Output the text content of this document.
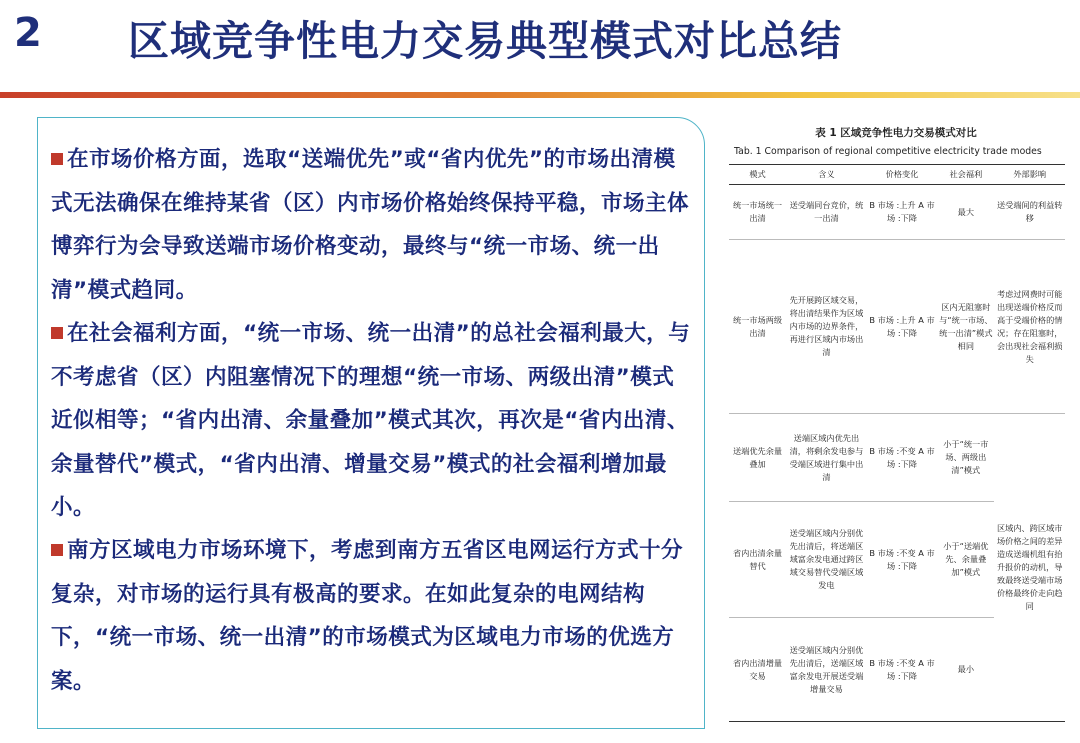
2 区域竞争性电力交易典型模式对比总结
在市场价格方面，选取“送端优先”或“省内优先”的市场出清模式无法确保在维持某省（区）内市场价格始终保持平稳，市场主体博弈行为会导致送端市场价格变动，最终与“统一市场、统一出清”模式趋同。
在社会福利方面，“统一市场、统一出清”的总社会福利最大，与不考虑省（区）内阻塞情况下的理想“统一市场、两级出清”模式近似相等；“省内出清、余量叠加”模式其次，再次是“省内出清、余量替代”模式，“省内出清、增量交易”模式的社会福利增加最小。
南方区域电力市场环境下，考虑到南方五省区电网运行方式十分复杂，对市场的运行具有极高的要求。在如此复杂的电网结构下，“统一市场、统一出清”的市场模式为区域电力市场的优选方案。
表 1 区域竞争性电力交易模式对比
Tab. 1 Comparison of regional competitive electricity trade modes
模式	含义	价格变化	社会福利	外部影响
统一市场统一出清	送受端同台竞价，统一出清	B 市场 :上升 A 市场 :下降	最大	送受端间的利益转移
统一市场两级出清	先开展跨区域交易，将出清结果作为区域内市场的边界条件，再进行区域内市场出清	B 市场 :上升 A 市场 :下降	区内无阻塞时与“统一市场、统一出清”模式相同	考虑过网费时可能出现送端价格反而高于受端价格的情况；存在阻塞时，会出现社会福利损失
送端优先余量叠加	送端区域内优先出清，将剩余发电参与受端区域进行集中出清	B 市场 :不变 A 市场 :下降	小于“统一市场、两级出清”模式	区域内、跨区域市场价格之间的差异造成送端机组有抬升报价的动机，导致最终送受端市场价格最终价走向趋同
省内出清余量替代	送受端区域内分别优先出清后，将送端区域富余发电通过跨区域交易替代受端区域发电	B 市场 :不变 A 市场 :下降	小于“送端优先、余量叠加”模式	
省内出清增量交易	送受端区域内分别优先出清后，送端区域富余发电开展送受端增量交易	B 市场 :不变 A 市场 :下降	最小	
